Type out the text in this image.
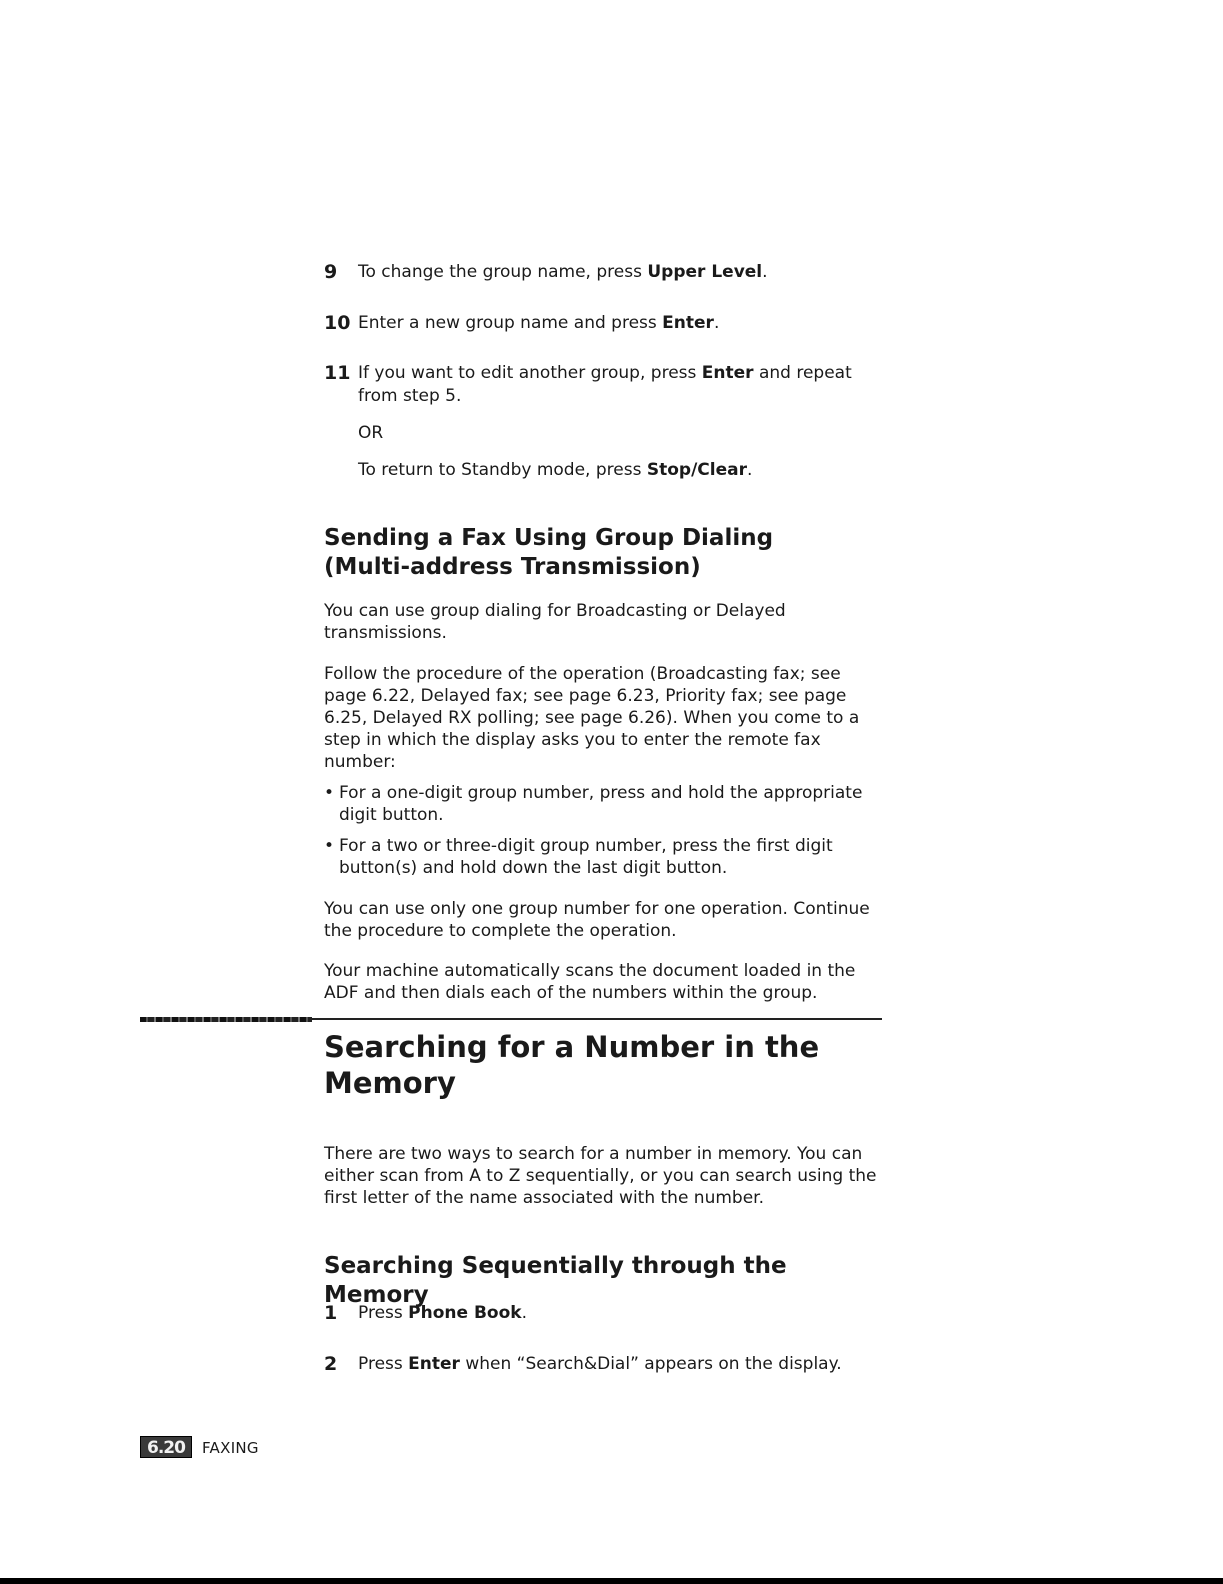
9 To change the group name, press Upper Level.
10 Enter a new group name and press Enter.
11 If you want to edit another group, press Enter and repeat from step 5.
OR
To return to Standby mode, press Stop/Clear.
Sending a Fax Using Group Dialing (Multi-address Transmission)

You can use group dialing for Broadcasting or Delayed transmissions.

Follow the procedure of the operation (Broadcasting fax; see page 6.22, Delayed fax; see page 6.23, Priority fax; see page 6.25, Delayed RX polling; see page 6.26). When you come to a step in which the display asks you to enter the remote fax number:

• For a one-digit group number, press and hold the appropriate digit button.
• For a two or three-digit group number, press the first digit button(s) and hold down the last digit button.

You can use only one group number for one operation. Continue the procedure to complete the operation.

Your machine automatically scans the document loaded in the ADF and then dials each of the numbers within the group.

Searching for a Number in the Memory

There are two ways to search for a number in memory. You can either scan from A to Z sequentially, or you can search using the first letter of the name associated with the number.

Searching Sequentially through the Memory
1 Press Phone Book.
2 Press Enter when “Search&Dial” appears on the display.
6.20	FAXING
